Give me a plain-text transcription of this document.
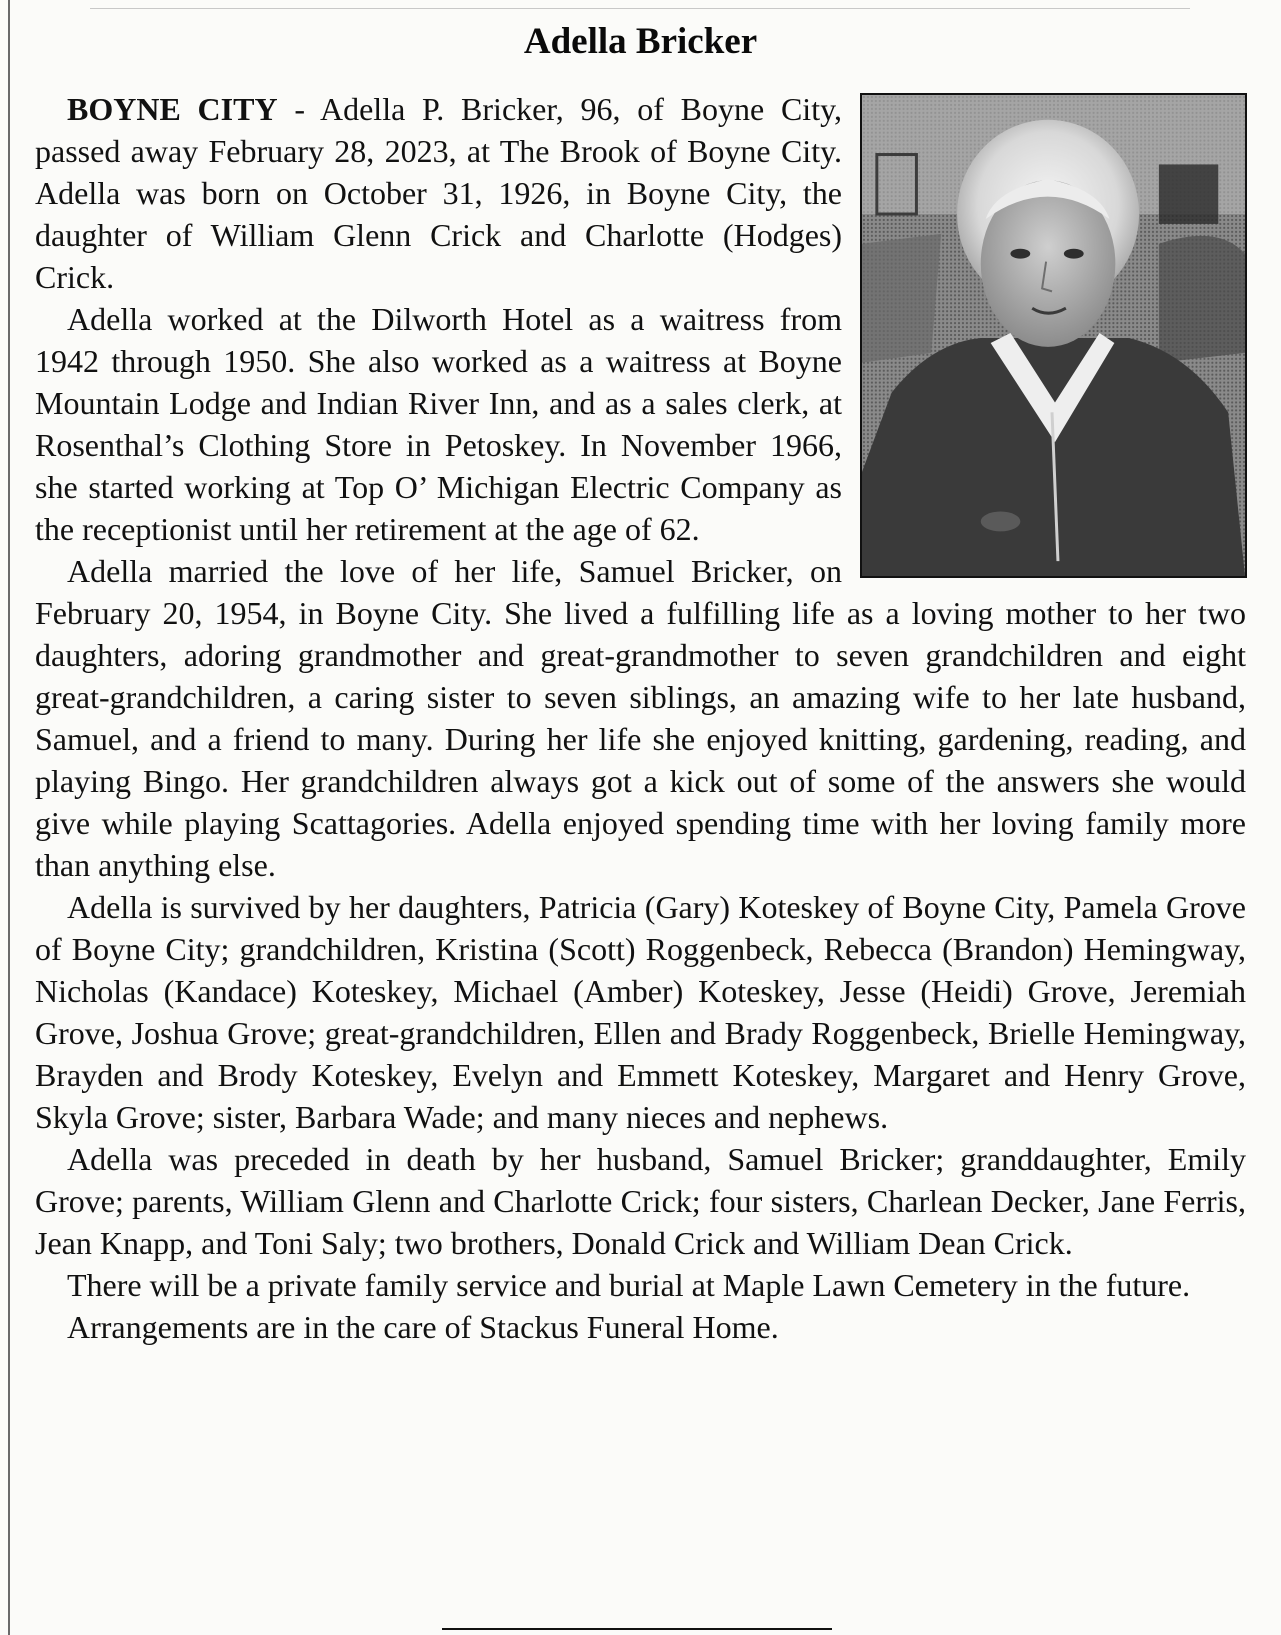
Adella Bricker

BOYNE CITY - Adella P. Bricker, 96, of Boyne City, passed away February 28, 2023, at The Brook of Boyne City. Adella was born on October 31, 1926, in Boyne City, the daughter of William Glenn Crick and Charlotte (Hodges) Crick.

Adella worked at the Dilworth Hotel as a waitress from 1942 through 1950. She also worked as a waitress at Boyne Mountain Lodge and Indian River Inn, and as a sales clerk, at Rosenthal’s Clothing Store in Petoskey. In November 1966, she started working at Top O’ Michigan Electric Company as the receptionist until her retirement at the age of 62.

Adella married the love of her life, Samuel Bricker, on February 20, 1954, in Boyne City. She lived a fulfilling life as a loving mother to her two daughters, adoring grandmother and great-grandmother to seven grandchildren and eight great-grandchildren, a caring sister to seven siblings, an amazing wife to her late husband, Samuel, and a friend to many. During her life she enjoyed knitting, gardening, reading, and playing Bingo. Her grandchildren always got a kick out of some of the answers she would give while playing Scattagories. Adella enjoyed spending time with her loving family more than anything else.

Adella is survived by her daughters, Patricia (Gary) Koteskey of Boyne City, Pamela Grove of Boyne City; grandchildren, Kristina (Scott) Roggenbeck, Rebecca (Brandon) Hemingway, Nicholas (Kandace) Koteskey, Michael (Amber) Koteskey, Jesse (Heidi) Grove, Jeremiah Grove, Joshua Grove; great-grandchildren, Ellen and Brady Roggenbeck, Brielle Hemingway, Brayden and Brody Koteskey, Evelyn and Emmett Koteskey, Margaret and Henry Grove, Skyla Grove; sister, Barbara Wade; and many nieces and nephews.

Adella was preceded in death by her husband, Samuel Bricker; granddaughter, Emily Grove; parents, William Glenn and Charlotte Crick; four sisters, Charlean Decker, Jane Ferris, Jean Knapp, and Toni Saly; two brothers, Donald Crick and William Dean Crick.

There will be a private family service and burial at Maple Lawn Cemetery in the future.

Arrangements are in the care of Stackus Funeral Home.
